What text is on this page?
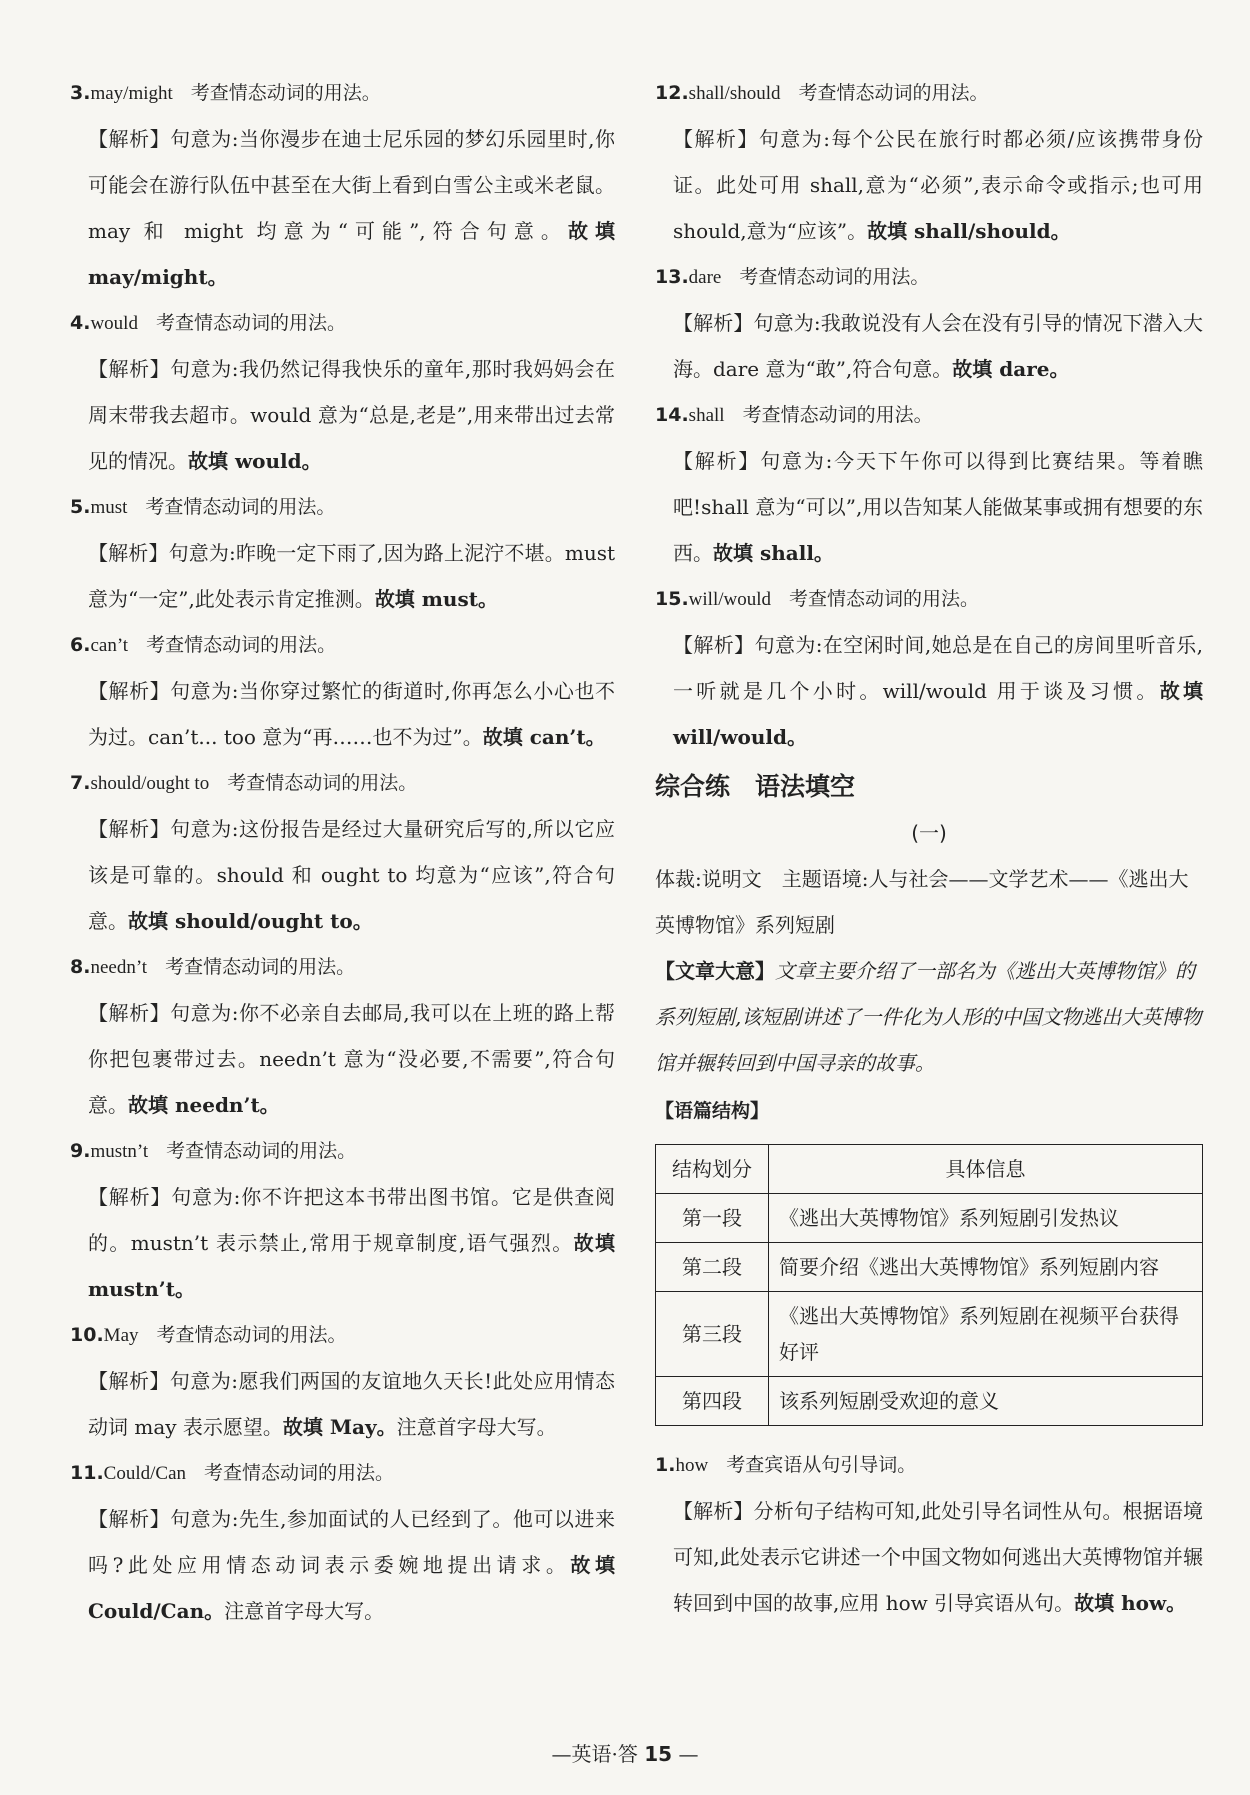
3.may/might 考查情态动词的用法。

【解析】句意为:当你漫步在迪士尼乐园的梦幻乐园里时,你可能会在游行队伍中甚至在大街上看到白雪公主或米老鼠。may 和 might 均意为“可能”,符合句意。故填 may/might。

4.would 考查情态动词的用法。

【解析】句意为:我仍然记得我快乐的童年,那时我妈妈会在周末带我去超市。would 意为“总是,老是”,用来带出过去常见的情况。故填 would。

5.must 考查情态动词的用法。

【解析】句意为:昨晚一定下雨了,因为路上泥泞不堪。must 意为“一定”,此处表示肯定推测。故填 must。

6.can’t 考查情态动词的用法。

【解析】句意为:当你穿过繁忙的街道时,你再怎么小心也不为过。can’t... too 意为“再……也不为过”。故填 can’t。

7.should/ought to 考查情态动词的用法。

【解析】句意为:这份报告是经过大量研究后写的,所以它应该是可靠的。should 和 ought to 均意为“应该”,符合句意。故填 should/ought to。

8.needn’t 考查情态动词的用法。

【解析】句意为:你不必亲自去邮局,我可以在上班的路上帮你把包裹带过去。needn’t 意为“没必要,不需要”,符合句意。故填 needn’t。

9.mustn’t 考查情态动词的用法。

【解析】句意为:你不许把这本书带出图书馆。它是供查阅的。mustn’t 表示禁止,常用于规章制度,语气强烈。故填 mustn’t。

10.May 考查情态动词的用法。

【解析】句意为:愿我们两国的友谊地久天长!此处应用情态动词 may 表示愿望。故填 May。注意首字母大写。

11.Could/Can 考查情态动词的用法。

【解析】句意为:先生,参加面试的人已经到了。他可以进来吗?此处应用情态动词表示委婉地提出请求。故填 Could/Can。注意首字母大写。

12.shall/should 考查情态动词的用法。

【解析】句意为:每个公民在旅行时都必须/应该携带身份证。此处可用 shall,意为“必须”,表示命令或指示;也可用 should,意为“应该”。故填 shall/should。

13.dare 考查情态动词的用法。

【解析】句意为:我敢说没有人会在没有引导的情况下潜入大海。dare 意为“敢”,符合句意。故填 dare。

14.shall 考查情态动词的用法。

【解析】句意为:今天下午你可以得到比赛结果。等着瞧吧!shall 意为“可以”,用以告知某人能做某事或拥有想要的东西。故填 shall。

15.will/would 考查情态动词的用法。

【解析】句意为:在空闲时间,她总是在自己的房间里听音乐,一听就是几个小时。will/would 用于谈及习惯。故填 will/would。

综合练　语法填空
(一)

体裁:说明文　主题语境:人与社会——文学艺术——《逃出大英博物馆》系列短剧

【文章大意】文章主要介绍了一部名为《逃出大英博物馆》的系列短剧,该短剧讲述了一件化为人形的中国文物逃出大英博物馆并辗转回到中国寻亲的故事。

【语篇结构】
结构划分	具体信息
第一段	《逃出大英博物馆》系列短剧引发热议
第二段	简要介绍《逃出大英博物馆》系列短剧内容
第三段	《逃出大英博物馆》系列短剧在视频平台获得好评
第四段	该系列短剧受欢迎的意义
1.how 考查宾语从句引导词。

【解析】分析句子结构可知,此处引导名词性从句。根据语境可知,此处表示它讲述一个中国文物如何逃出大英博物馆并辗转回到中国的故事,应用 how 引导宾语从句。故填 how。

—英语·答 15 —
